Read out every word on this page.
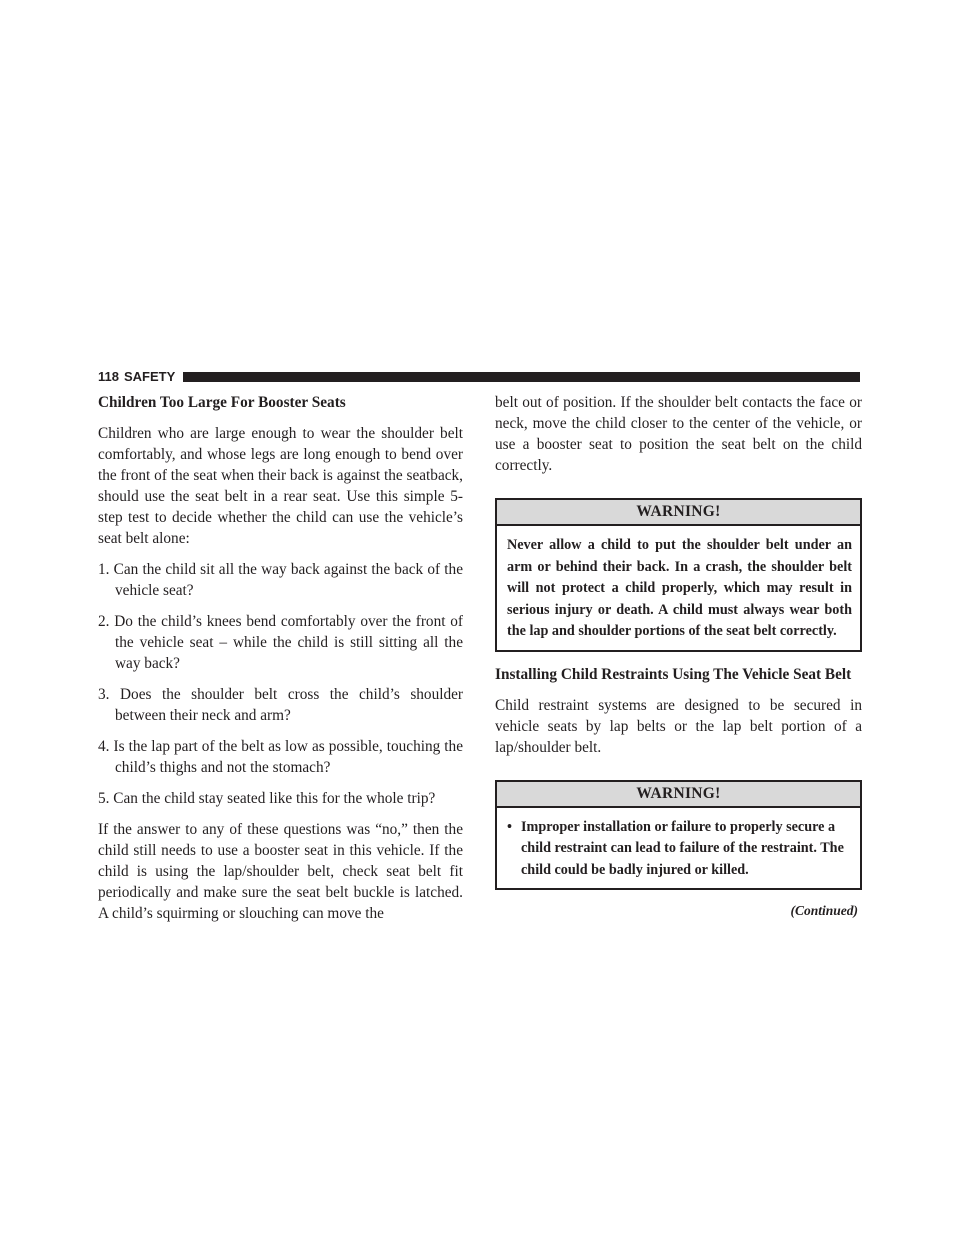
118 SAFETY
Children Too Large For Booster Seats

Children who are large enough to wear the shoulder belt comfortably, and whose legs are long enough to bend over the front of the seat when their back is against the seatback, should use the seat belt in a rear seat. Use this simple 5-step test to decide whether the child can use the vehicle’s seat belt alone:

1. Can the child sit all the way back against the back of the vehicle seat?
2. Do the child’s knees bend comfortably over the front of the vehicle seat – while the child is still sitting all the way back?
3. Does the shoulder belt cross the child’s shoulder between their neck and arm?
4. Is the lap part of the belt as low as possible, touching the child’s thighs and not the stomach?
5. Can the child stay seated like this for the whole trip?

If the answer to any of these questions was “no,” then the child still needs to use a booster seat in this vehicle. If the child is using the lap/shoulder belt, check seat belt fit periodically and make sure the seat belt buckle is latched. A child’s squirming or slouching can move the

belt out of position. If the shoulder belt contacts the face or neck, move the child closer to the center of the vehicle, or use a booster seat to position the seat belt on the child correctly.

WARNING!
Never allow a child to put the shoulder belt under an arm or behind their back. In a crash, the shoulder belt will not protect a child properly, which may result in serious injury or death. A child must always wear both the lap and shoulder portions of the seat belt correctly.
Installing Child Restraints Using The Vehicle Seat Belt

Child restraint systems are designed to be secured in vehicle seats by lap belts or the lap belt portion of a lap/shoulder belt.

WARNING!
• Improper installation or failure to properly secure a child restraint can lead to failure of the restraint. The child could be badly injured or killed.
(Continued)
